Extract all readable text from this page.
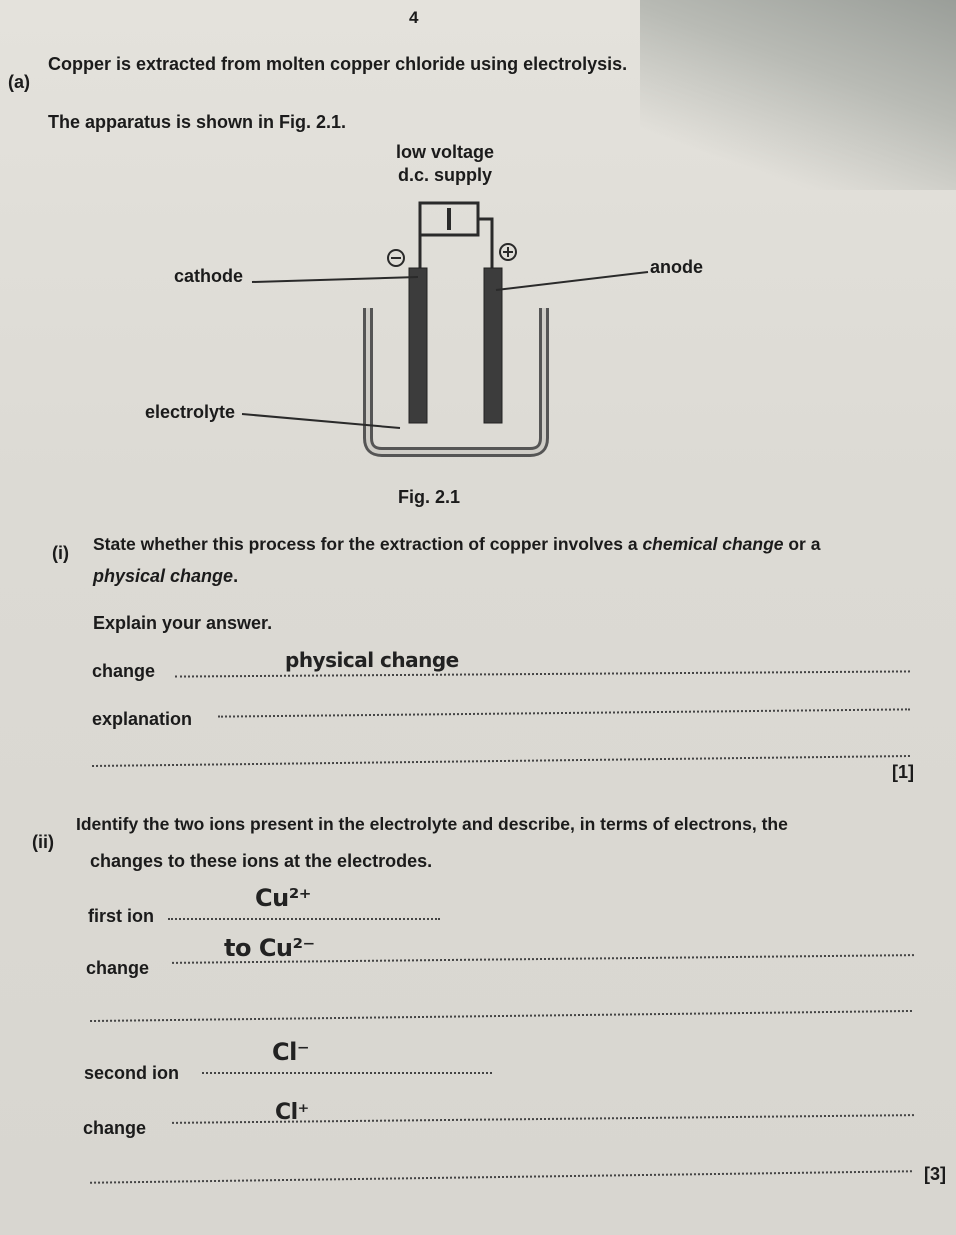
4
(a)
Copper is extracted from molten copper chloride using electrolysis.
The apparatus is shown in Fig. 2.1.
low voltage
d.c. supply
cathode	anode
electrolyte
Fig. 2.1
(i) State whether this process for the extraction of copper involves a chemical change or a
physical change.
Explain your answer.
change	physical change
explanation
[1]
(ii)
Identify the two ions present in the electrolyte and describe, in terms of electrons, the
changes to these ions at the electrodes.
first ion
Cu²⁺
change
to Cu²⁻
second ion
Cl⁻
change
Cl⁺
[3]
